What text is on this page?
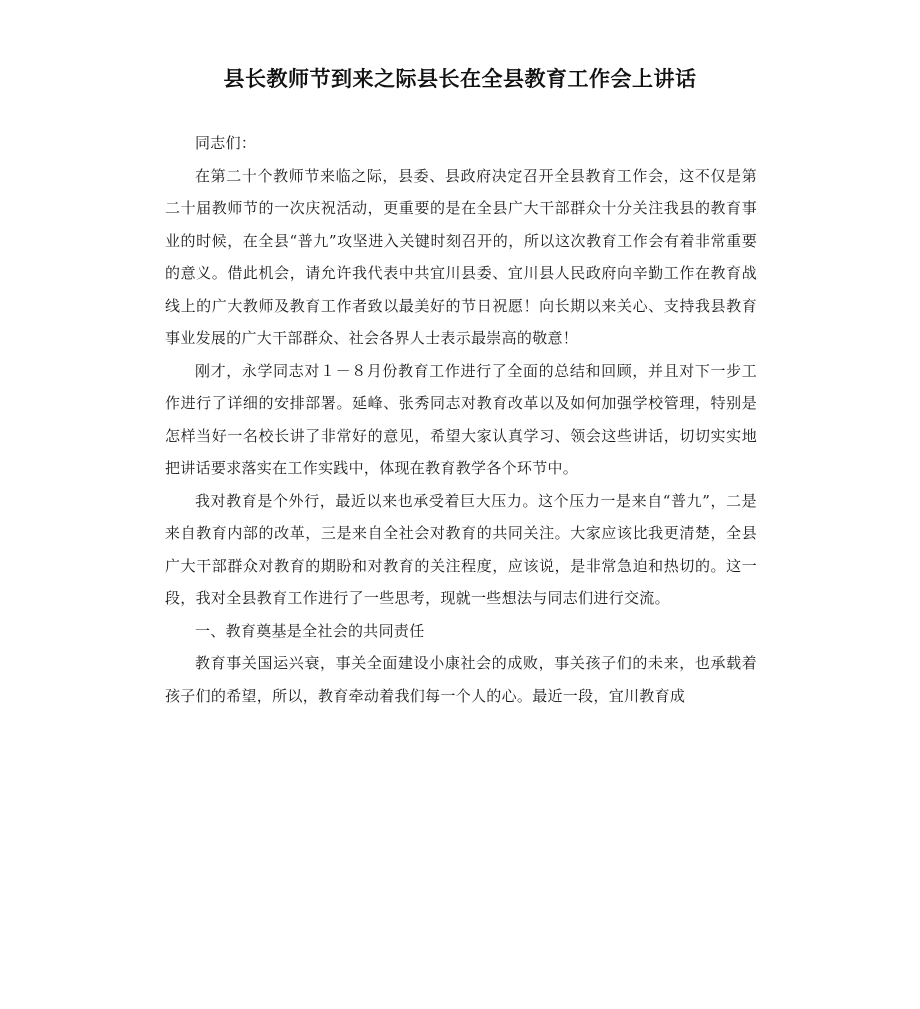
县长教师节到来之际县长在全县教育工作会上讲话

同志们：

在第二十个教师节来临之际，县委、县政府决定召开全县教育工作会，这不仅是第二十届教师节的一次庆祝活动，更重要的是在全县广大干部群众十分关注我县的教育事业的时候，在全县“普九”攻坚进入关键时刻召开的，所以这次教育工作会有着非常重要的意义。借此机会，请允许我代表中共宜川县委、宜川县人民政府向辛勤工作在教育战线上的广大教师及教育工作者致以最美好的节日祝愿！向长期以来关心、支持我县教育事业发展的广大干部群众、社会各界人士表示最崇高的敬意！

刚才，永学同志对１－８月份教育工作进行了全面的总结和回顾，并且对下一步工作进行了详细的安排部署。延峰、张秀同志对教育改革以及如何加强学校管理，特别是怎样当好一名校长讲了非常好的意见，希望大家认真学习、领会这些讲话，切切实实地把讲话要求落实在工作实践中，体现在教育教学各个环节中。

我对教育是个外行，最近以来也承受着巨大压力。这个压力一是来自“普九”，二是来自教育内部的改革，三是来自全社会对教育的共同关注。大家应该比我更清楚，全县广大干部群众对教育的期盼和对教育的关注程度，应该说，是非常急迫和热切的。这一段，我对全县教育工作进行了一些思考，现就一些想法与同志们进行交流。

一、教育奠基是全社会的共同责任

教育事关国运兴衰，事关全面建设小康社会的成败，事关孩子们的未来，也承载着孩子们的希望，所以，教育牵动着我们每一个人的心。最近一段，宜川教育成
